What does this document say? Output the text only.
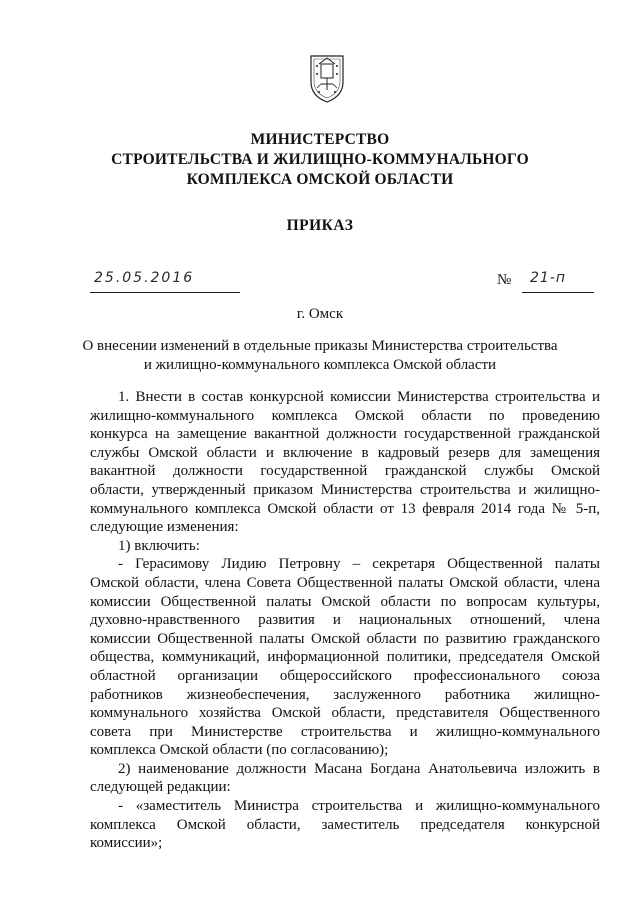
МИНИСТЕРСТВО
СТРОИТЕЛЬСТВА И ЖИЛИЩНО-КОММУНАЛЬНОГО
КОМПЛЕКСА ОМСКОЙ ОБЛАСТИ
ПРИКАЗ
25.05.2016	№ 21-п
г. Омск
О внесении изменений в отдельные приказы Министерства строительства
и жилищно-коммунального комплекса Омской области
1. Внести в состав конкурсной комиссии Министерства строительства и
жилищно-коммунального комплекса Омской области по проведению
конкурса на замещение вакантной должности государственной гражданской
службы Омской области и включение в кадровый резерв для замещения
вакантной должности государственной гражданской службы Омской
области, утвержденный приказом Министерства строительства и жилищно-
коммунального комплекса Омской области от 13 февраля 2014 года № 5-п,
следующие изменения:
1) включить:
- Герасимову Лидию Петровну – секретаря Общественной палаты
Омской области, члена Совета Общественной палаты Омской области, члена
комиссии Общественной палаты Омской области по вопросам культуры,
духовно-нравственного развития и национальных отношений, члена
комиссии Общественной палаты Омской области по развитию гражданского
общества, коммуникаций, информационной политики, председателя Омской
областной организации общероссийского профессионального союза
работников жизнеобеспечения, заслуженного работника жилищно-
коммунального хозяйства Омской области, представителя Общественного
совета при Министерстве строительства и жилищно-коммунального
комплекса Омской области (по согласованию);
2) наименование должности Масана Богдана Анатольевича изложить в
следующей редакции:
- «заместитель Министра строительства и жилищно-коммунального
комплекса Омской области, заместитель председателя конкурсной
комиссии»;
